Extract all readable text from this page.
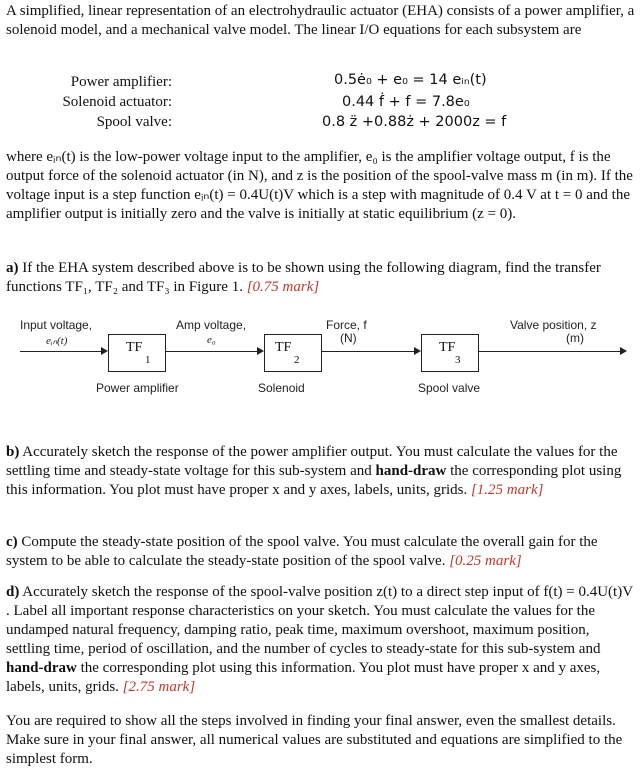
A simplified, linear representation of an electrohydraulic actuator (EHA) consists of a power amplifier, a solenoid model, and a mechanical valve model. The linear I/O equations for each subsystem are
Power amplifier:
Solenoid actuator:
Spool valve:
0.5ė₀ + e₀ = 14 eᵢₙ(t)
0.44 ḟ + f = 7.8e₀
0.8 z̈ +0.88ż + 2000z = f
where eᵢₙ(t) is the low-power voltage input to the amplifier, e₀ is the amplifier voltage output, f is the output force of the solenoid actuator (in N), and z is the position of the spool-valve mass m (in m). If the voltage input is a step function eᵢₙ(t) = 0.4U(t)V which is a step with magnitude of 0.4 V at t = 0 and the amplifier output is initially zero and the valve is initially at static equilibrium (z = 0).
a) If the EHA system described above is to be shown using the following diagram, find the transfer functions TF₁, TF₂ and TF₃ in Figure 1. [0.75 mark]
Input voltage,
eᵢₙ(t)	TF
1
Power amplifier
Amp voltage,
e₀	TF
2
Solenoid
Force, f
(N)
TF
3
Spool valve
Valve position, z
(m)
b) Accurately sketch the response of the power amplifier output. You must calculate the values for the settling time and steady-state voltage for this sub-system and hand-draw the corresponding plot using this information. You plot must have proper x and y axes, labels, units, grids. [1.25 mark]
c) Compute the steady-state position of the spool valve. You must calculate the overall gain for the system to be able to calculate the steady-state position of the spool valve. [0.25 mark]
d) Accurately sketch the response of the spool-valve position z(t) to a direct step input of f(t) = 0.4U(t)V . Label all important response characteristics on your sketch. You must calculate the values for the undamped natural frequency, damping ratio, peak time, maximum overshoot, maximum position, settling time, period of oscillation, and the number of cycles to steady-state for this sub-system and hand-draw the corresponding plot using this information. You plot must have proper x and y axes, labels, units, grids. [2.75 mark]
You are required to show all the steps involved in finding your final answer, even the smallest details. Make sure in your final answer, all numerical values are substituted and equations are simplified to the simplest form.
